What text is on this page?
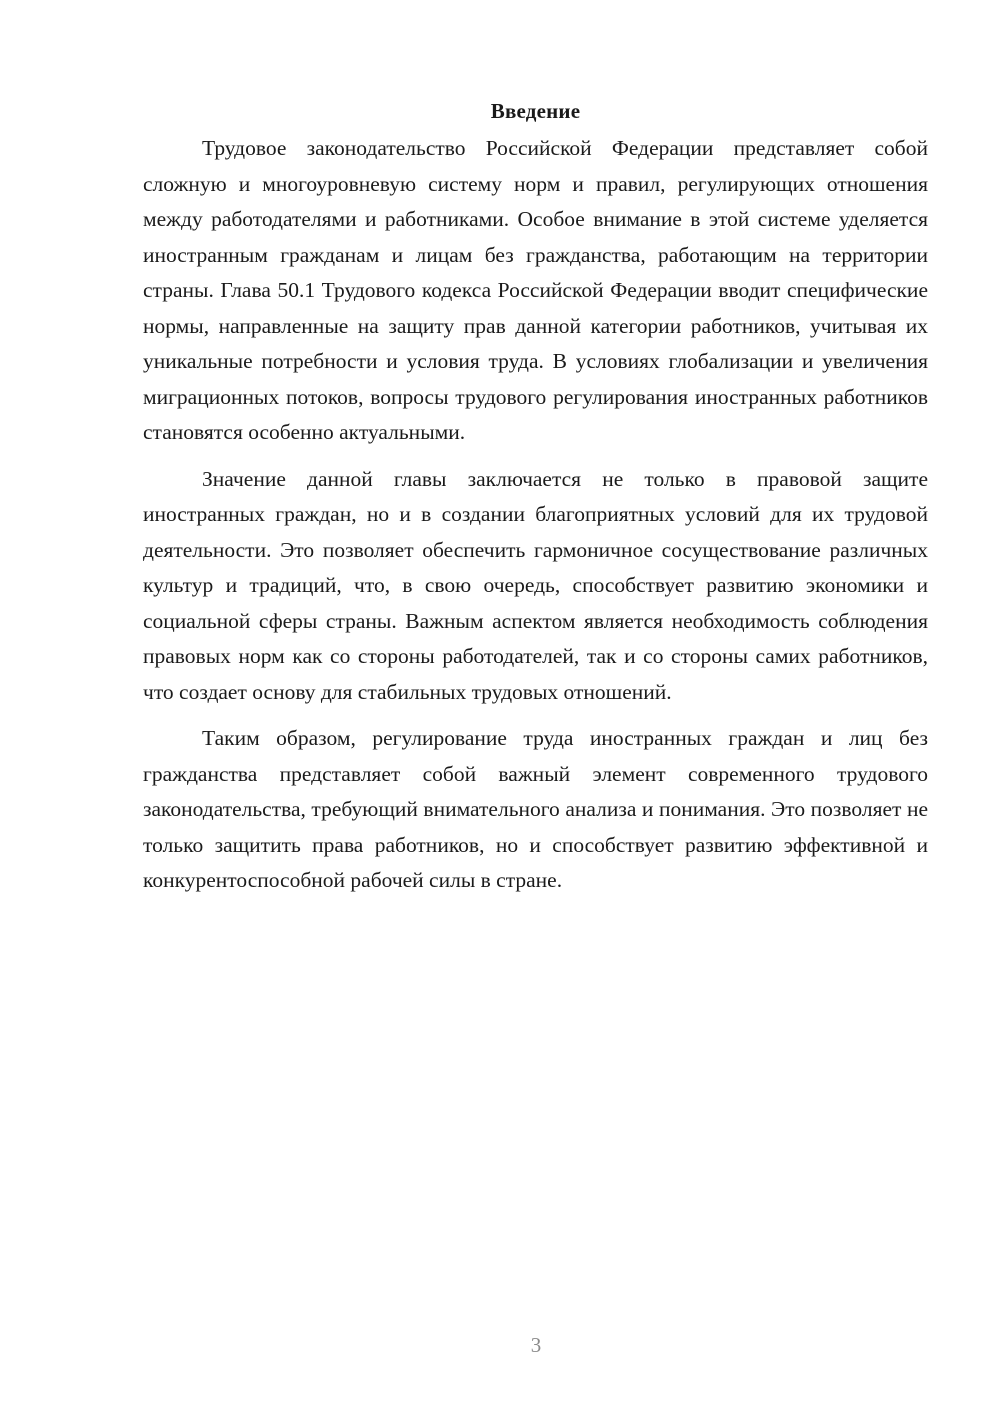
Введение

Трудовое законодательство Российской Федерации представляет собой сложную и многоуровневую систему норм и правил, регулирующих отношения между работодателями и работниками. Особое внимание в этой системе уделяется иностранным гражданам и лицам без гражданства, работающим на территории страны. Глава 50.1 Трудового кодекса Российской Федерации вводит специфические нормы, направленные на защиту прав данной категории работников, учитывая их уникальные потребности и условия труда. В условиях глобализации и увеличения миграционных потоков, вопросы трудового регулирования иностранных работников становятся особенно актуальными.

Значение данной главы заключается не только в правовой защите иностранных граждан, но и в создании благоприятных условий для их трудовой деятельности. Это позволяет обеспечить гармоничное сосуществование различных культур и традиций, что, в свою очередь, способствует развитию экономики и социальной сферы страны. Важным аспектом является необходимость соблюдения правовых норм как со стороны работодателей, так и со стороны самих работников, что создает основу для стабильных трудовых отношений.

Таким образом, регулирование труда иностранных граждан и лиц без гражданства представляет собой важный элемент современного трудового законодательства, требующий внимательного анализа и понимания. Это позволяет не только защитить права работников, но и способствует развитию эффективной и конкурентоспособной рабочей силы в стране.

3
